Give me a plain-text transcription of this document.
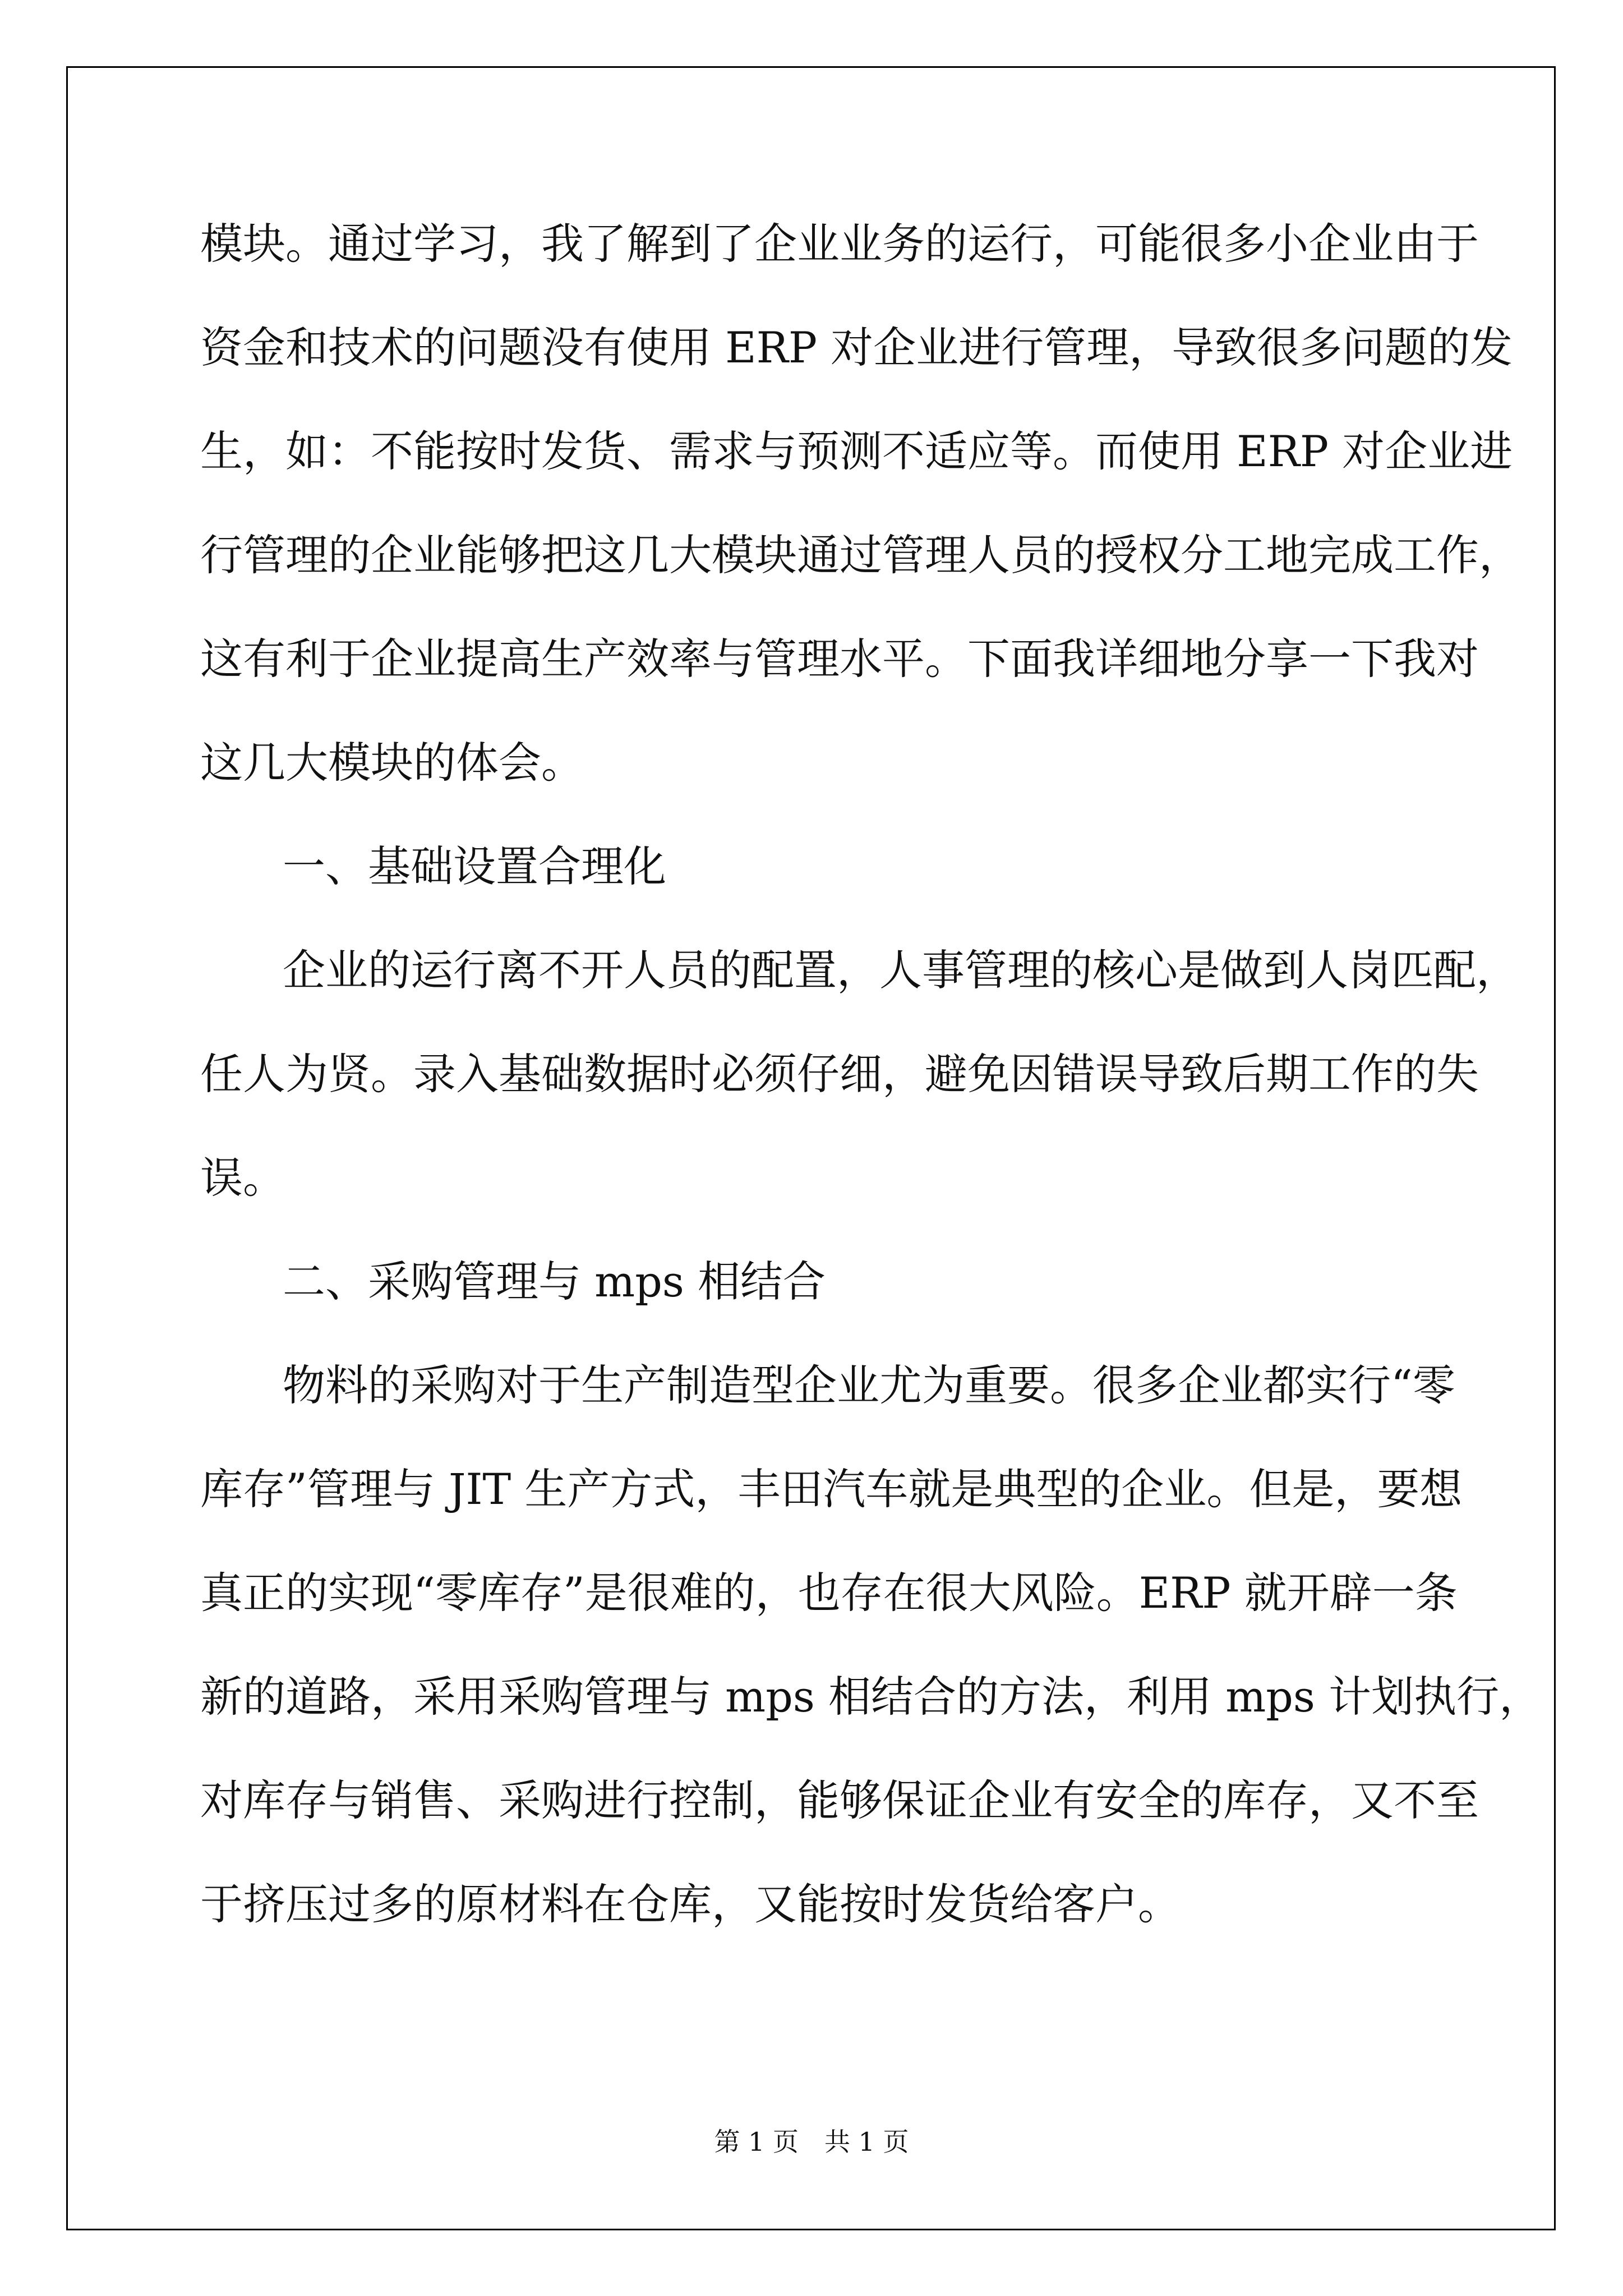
模块。通过学习，我了解到了企业业务的运行，可能很多小企业由于
资金和技术的问题没有使用 ERP 对企业进行管理，导致很多问题的发
生，如：不能按时发货、需求与预测不适应等。而使用 ERP 对企业进
行管理的企业能够把这几大模块通过管理人员的授权分工地完成工作，
这有利于企业提高生产效率与管理水平。下面我详细地分享一下我对
这几大模块的体会。
一、基础设置合理化
企业的运行离不开人员的配置，人事管理的核心是做到人岗匹配，
任人为贤。录入基础数据时必须仔细，避免因错误导致后期工作的失
误。
二、采购管理与 mps 相结合
物料的采购对于生产制造型企业尤为重要。很多企业都实行“零
库存”管理与 JIT 生产方式，丰田汽车就是典型的企业。但是，要想
真正的实现“零库存”是很难的，也存在很大风险。ERP 就开辟一条
新的道路，采用采购管理与 mps 相结合的方法，利用 mps 计划执行，
对库存与销售、采购进行控制，能够保证企业有安全的库存，又不至
于挤压过多的原材料在仓库，又能按时发货给客户。
第 1 页　共 1 页
